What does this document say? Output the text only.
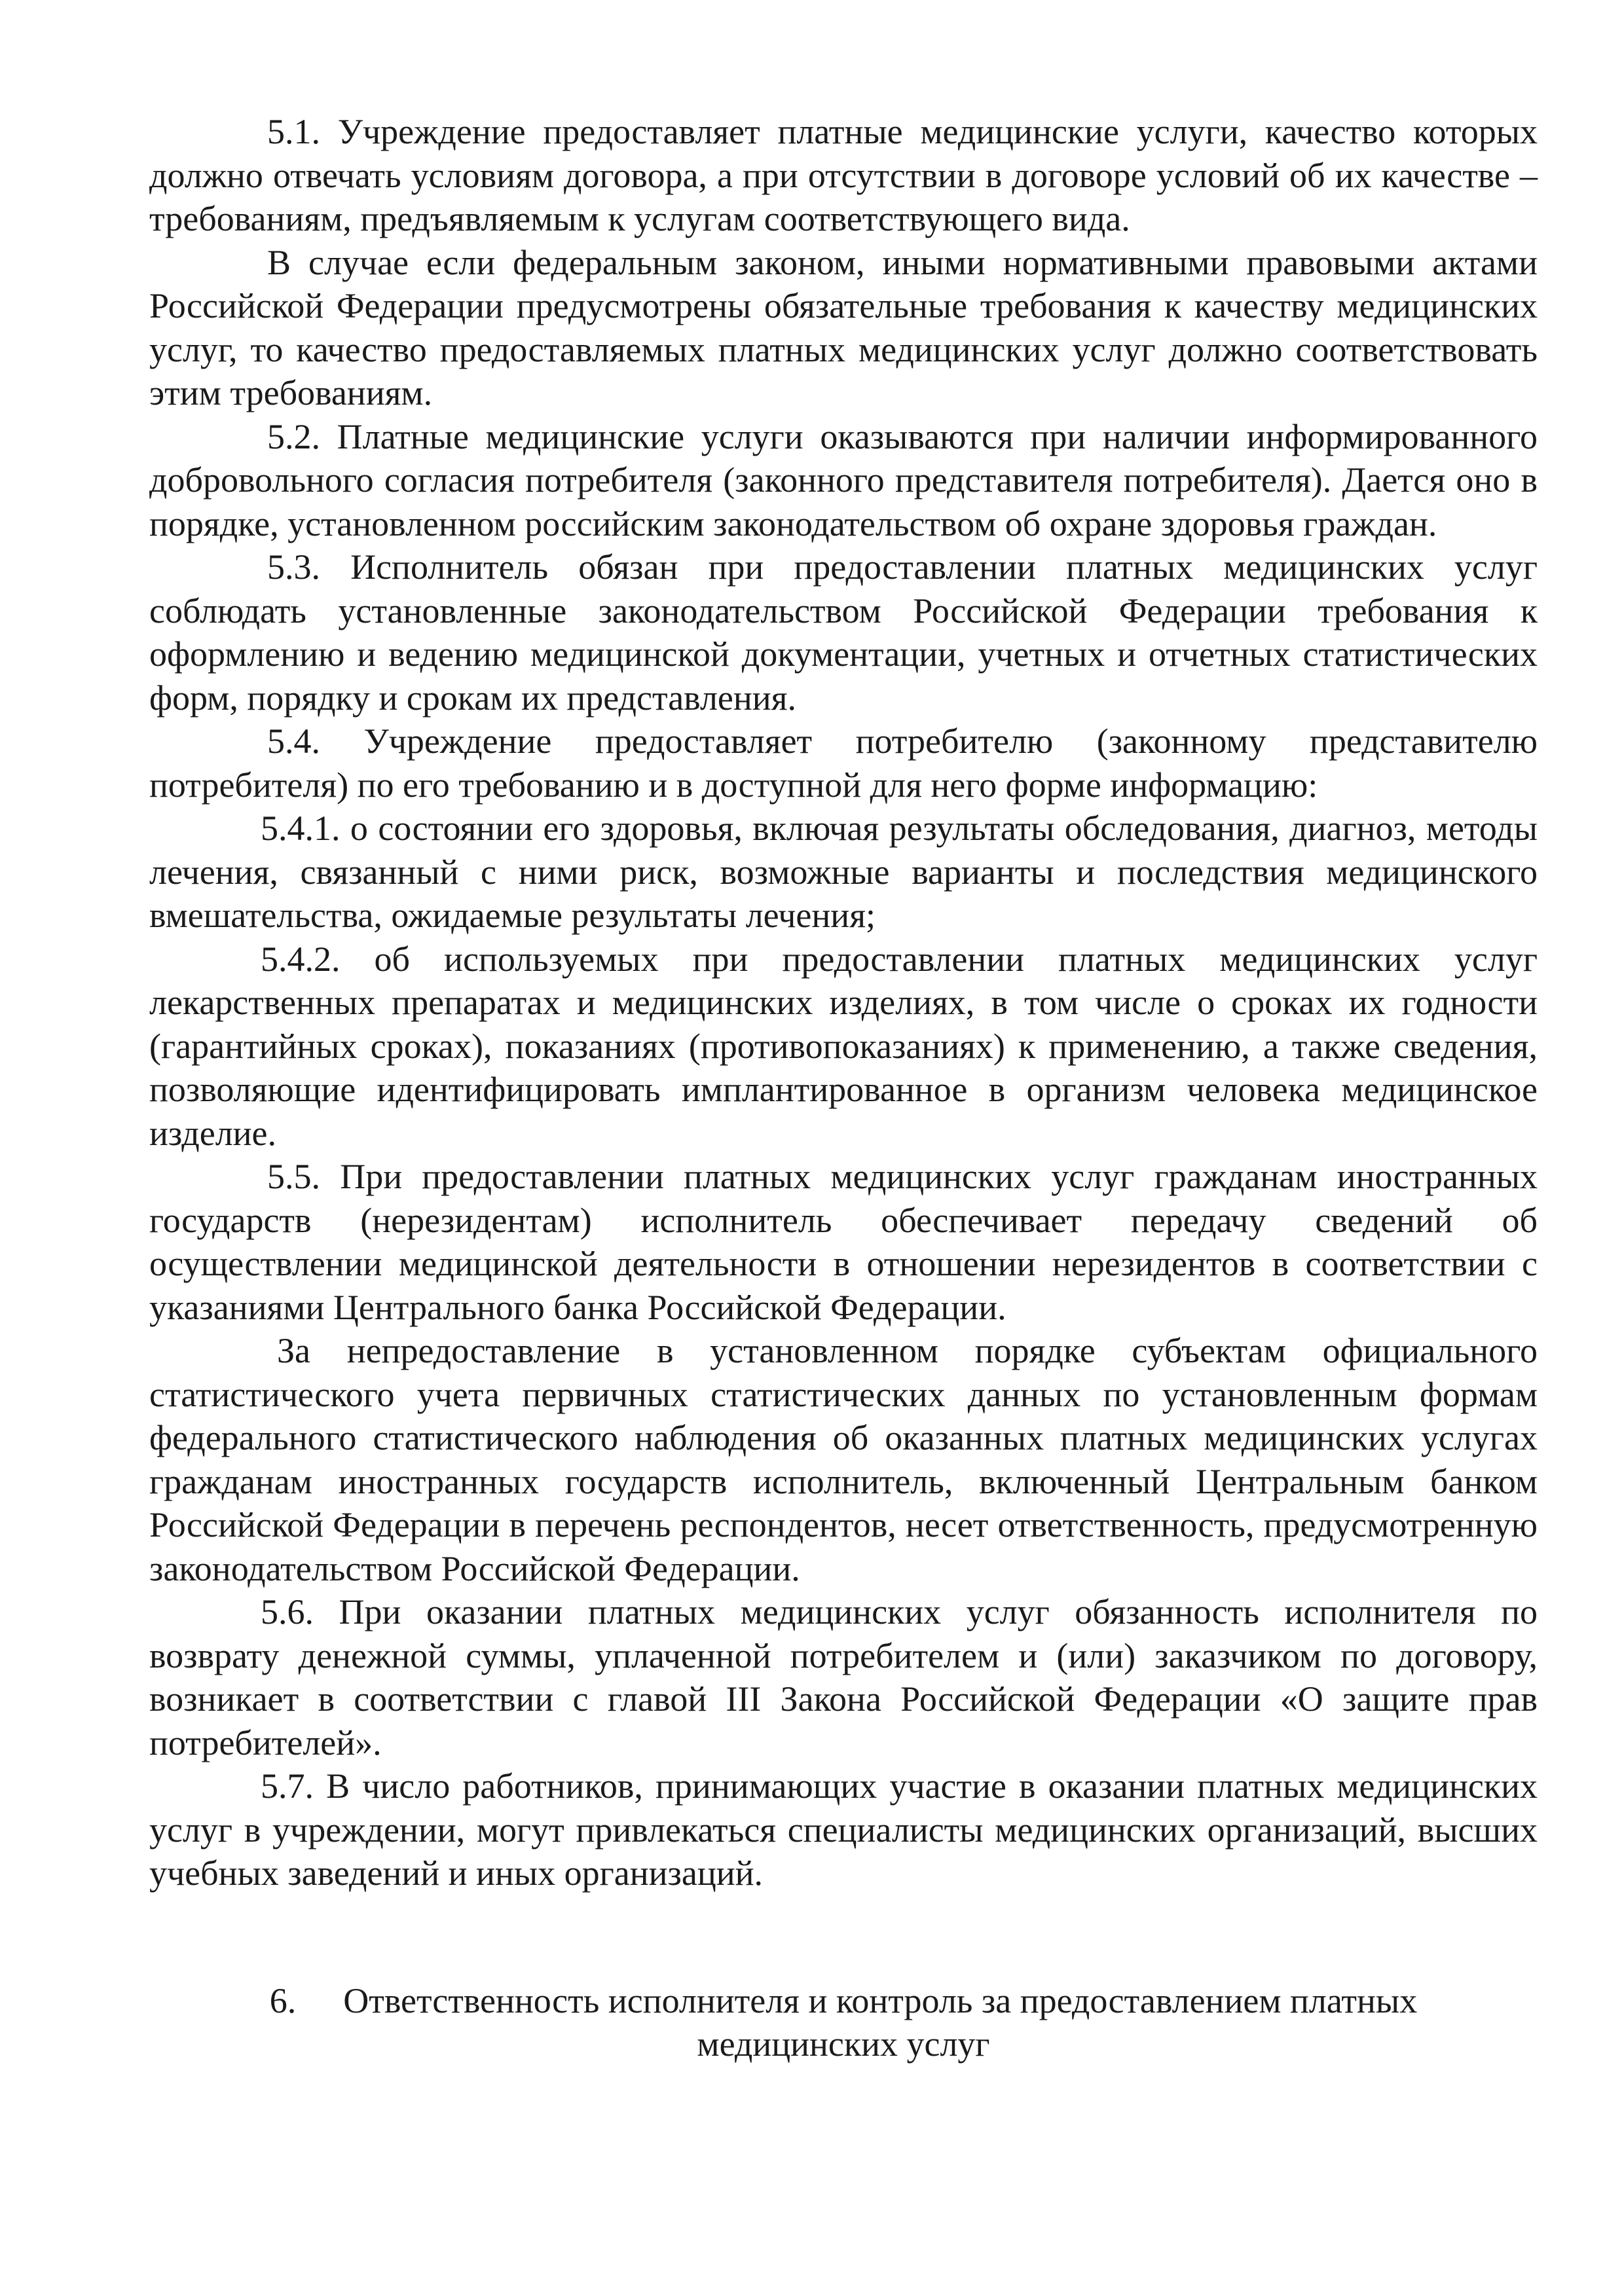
5.1. Учреждение предоставляет платные медицинские услуги, качество которых должно отвечать условиям договора, а при отсутствии в договоре условий об их качестве – требованиям, предъявляемым к услугам соответствующего вида.

В случае если федеральным законом, иными нормативными правовыми актами Российской Федерации предусмотрены обязательные требования к качеству медицинских услуг, то качество предоставляемых платных медицинских услуг должно соответствовать этим требованиям.

5.2. Платные медицинские услуги оказываются при наличии информированного добровольного согласия потребителя (законного представителя потребителя). Дается оно в порядке, установленном российским законодательством об охране здоровья граждан.

5.3. Исполнитель обязан при предоставлении платных медицинских услуг соблюдать установленные законодательством Российской Федерации требования к оформлению и ведению медицинской документации, учетных и отчетных статистических форм, порядку и срокам их представления.

5.4. Учреждение предоставляет потребителю (законному представителю потребителя) по его требованию и в доступной для него форме информацию:

5.4.1. о состоянии его здоровья, включая результаты обследования, диагноз, методы лечения, связанный с ними риск, возможные варианты и последствия медицинского вмешательства, ожидаемые результаты лечения;

5.4.2. об используемых при предоставлении платных медицинских услуг лекарственных препаратах и медицинских изделиях, в том числе о сроках их годности (гарантийных сроках), показаниях (противопоказаниях) к применению, а также сведения, позволяющие идентифицировать имплантированное в организм человека медицинское изделие.

5.5. При предоставлении платных медицинских услуг гражданам иностранных государств (нерезидентам) исполнитель обеспечивает передачу сведений об осуществлении медицинской деятельности в отношении нерезидентов в соответствии с указаниями Центрального банка Российской Федерации.

За непредоставление в установленном порядке субъектам официального статистического учета первичных статистических данных по установленным формам федерального статистического наблюдения об оказанных платных медицинских услугах гражданам иностранных государств исполнитель, включенный Центральным банком Российской Федерации в перечень респондентов, несет ответственность, предусмотренную законодательством Российской Федерации.

5.6. При оказании платных медицинских услуг обязанность исполнителя по возврату денежной суммы, уплаченной потребителем и (или) заказчиком по договору, возникает в соответствии с главой III Закона Российской Федерации «О защите прав потребителей».

5.7. В число работников, принимающих участие в оказании платных медицинских услуг в учреждении, могут привлекаться специалисты медицинских организаций, высших учебных заведений и иных организаций.

6. Ответственность исполнителя и контроль за предоставлением платных
медицинских услуг
